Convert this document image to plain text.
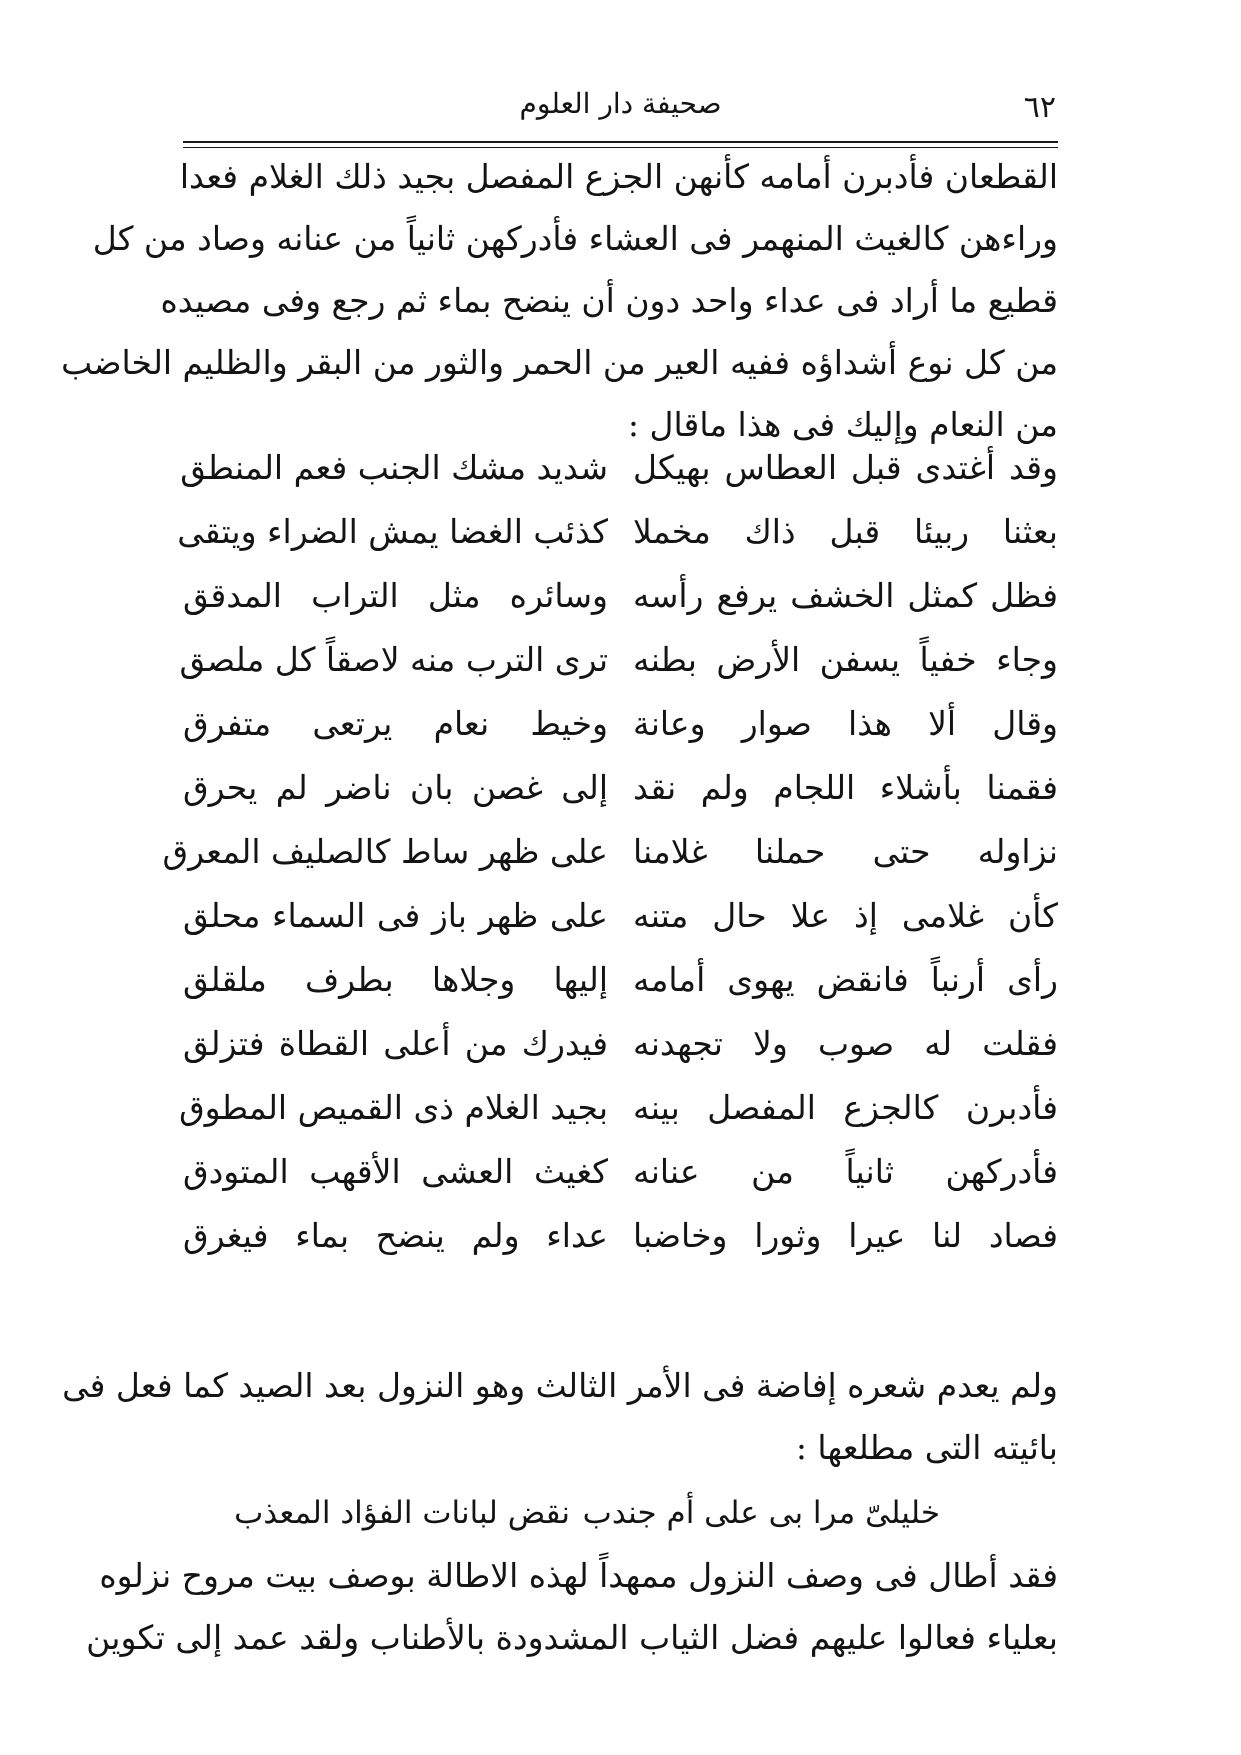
٦٢
صحيفة دار العلوم
القطعان فأدبرن أمامه كأنهن الجزع المفصل بجيد ذلك الغلام فعدا
وراءهن كالغيث المنهمر فى العشاء فأدركهن ثانياً من عنانه وصاد من كل
قطيع ما أراد فى عداء واحد دون أن ينضح بماء ثم رجع وفى مصيده
من كل نوع أشداؤه ففيه العير من الحمر والثور من البقر والظليم الخاضب
من النعام وإليك فى هذا ماقال :
وقد أغتدى قبل العطاس بهيكل
شديد مشك الجنب فعم المنطق
بعثنا ربيئا قبل ذاك مخملا
كذئب الغضا يمش الضراء ويتقى
فظل كمثل الخشف يرفع رأسه
وسائره مثل التراب المدقق
وجاء خفياً يسفن الأرض بطنه
ترى الترب منه لاصقاً كل ملصق
وقال ألا هذا صوار وعانة
وخيط نعام يرتعى متفرق
فقمنا بأشلاء اللجام ولم نقد
إلى غصن بان ناضر لم يحرق
نزاوله حتى حملنا غلامنا
على ظهر ساط كالصليف المعرق
كأن غلامى إذ علا حال متنه
على ظهر باز فى السماء محلق
رأى أرنباً فانقض يهوى أمامه
إليها وجلاها بطرف ملقلق
فقلت له صوب ولا تجهدنه
فيدرك من أعلى القطاة فتزلق
فأدبرن كالجزع المفصل بينه
بجيد الغلام ذى القميص المطوق
فأدركهن ثانياً من عنانه
كغيث العشى الأقهب المتودق
فصاد لنا عيرا وثورا وخاضبا
عداء ولم ينضح بماء فيغرق
ولم يعدم شعره إفاضة فى الأمر الثالث وهو النزول بعد الصيد كما فعل فى
بائيته التى مطلعها :
خليلىّ مرا بى على أم جندب
نقض لبانات الفؤاد المعذب
فقد أطال فى وصف النزول ممهداً لهذه الاطالة بوصف بيت مروح نزلوه
بعلياء فعالوا عليهم فضل الثياب المشدودة بالأطناب ولقد عمد إلى تكوين
